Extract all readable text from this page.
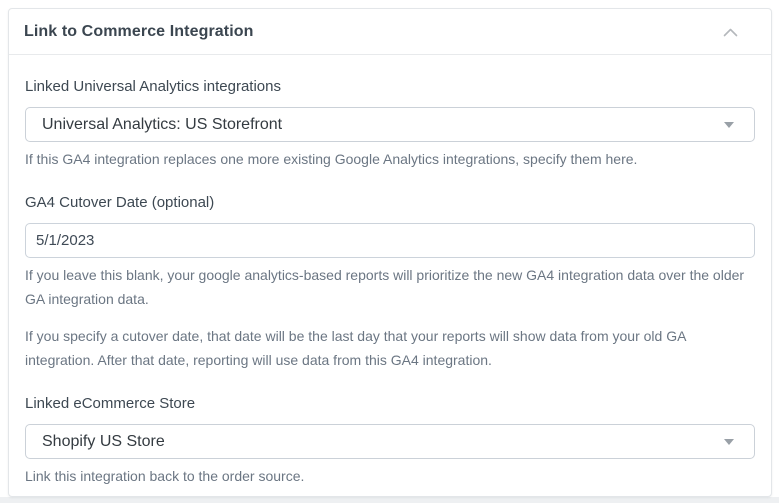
Link to Commerce Integration
Linked Universal Analytics integrations
Universal Analytics: US Storefront

If this GA4 integration replaces one more existing Google Analytics integrations, specify them here.

GA4 Cutover Date (optional)
5/1/2023

If you leave this blank, your google analytics-based reports will prioritize the new GA4 integration data over the older GA integration data.

If you specify a cutover date, that date will be the last day that your reports will show data from your old GA integration. After that date, reporting will use data from this GA4 integration.

Linked eCommerce Store
Shopify US Store

Link this integration back to the order source.
